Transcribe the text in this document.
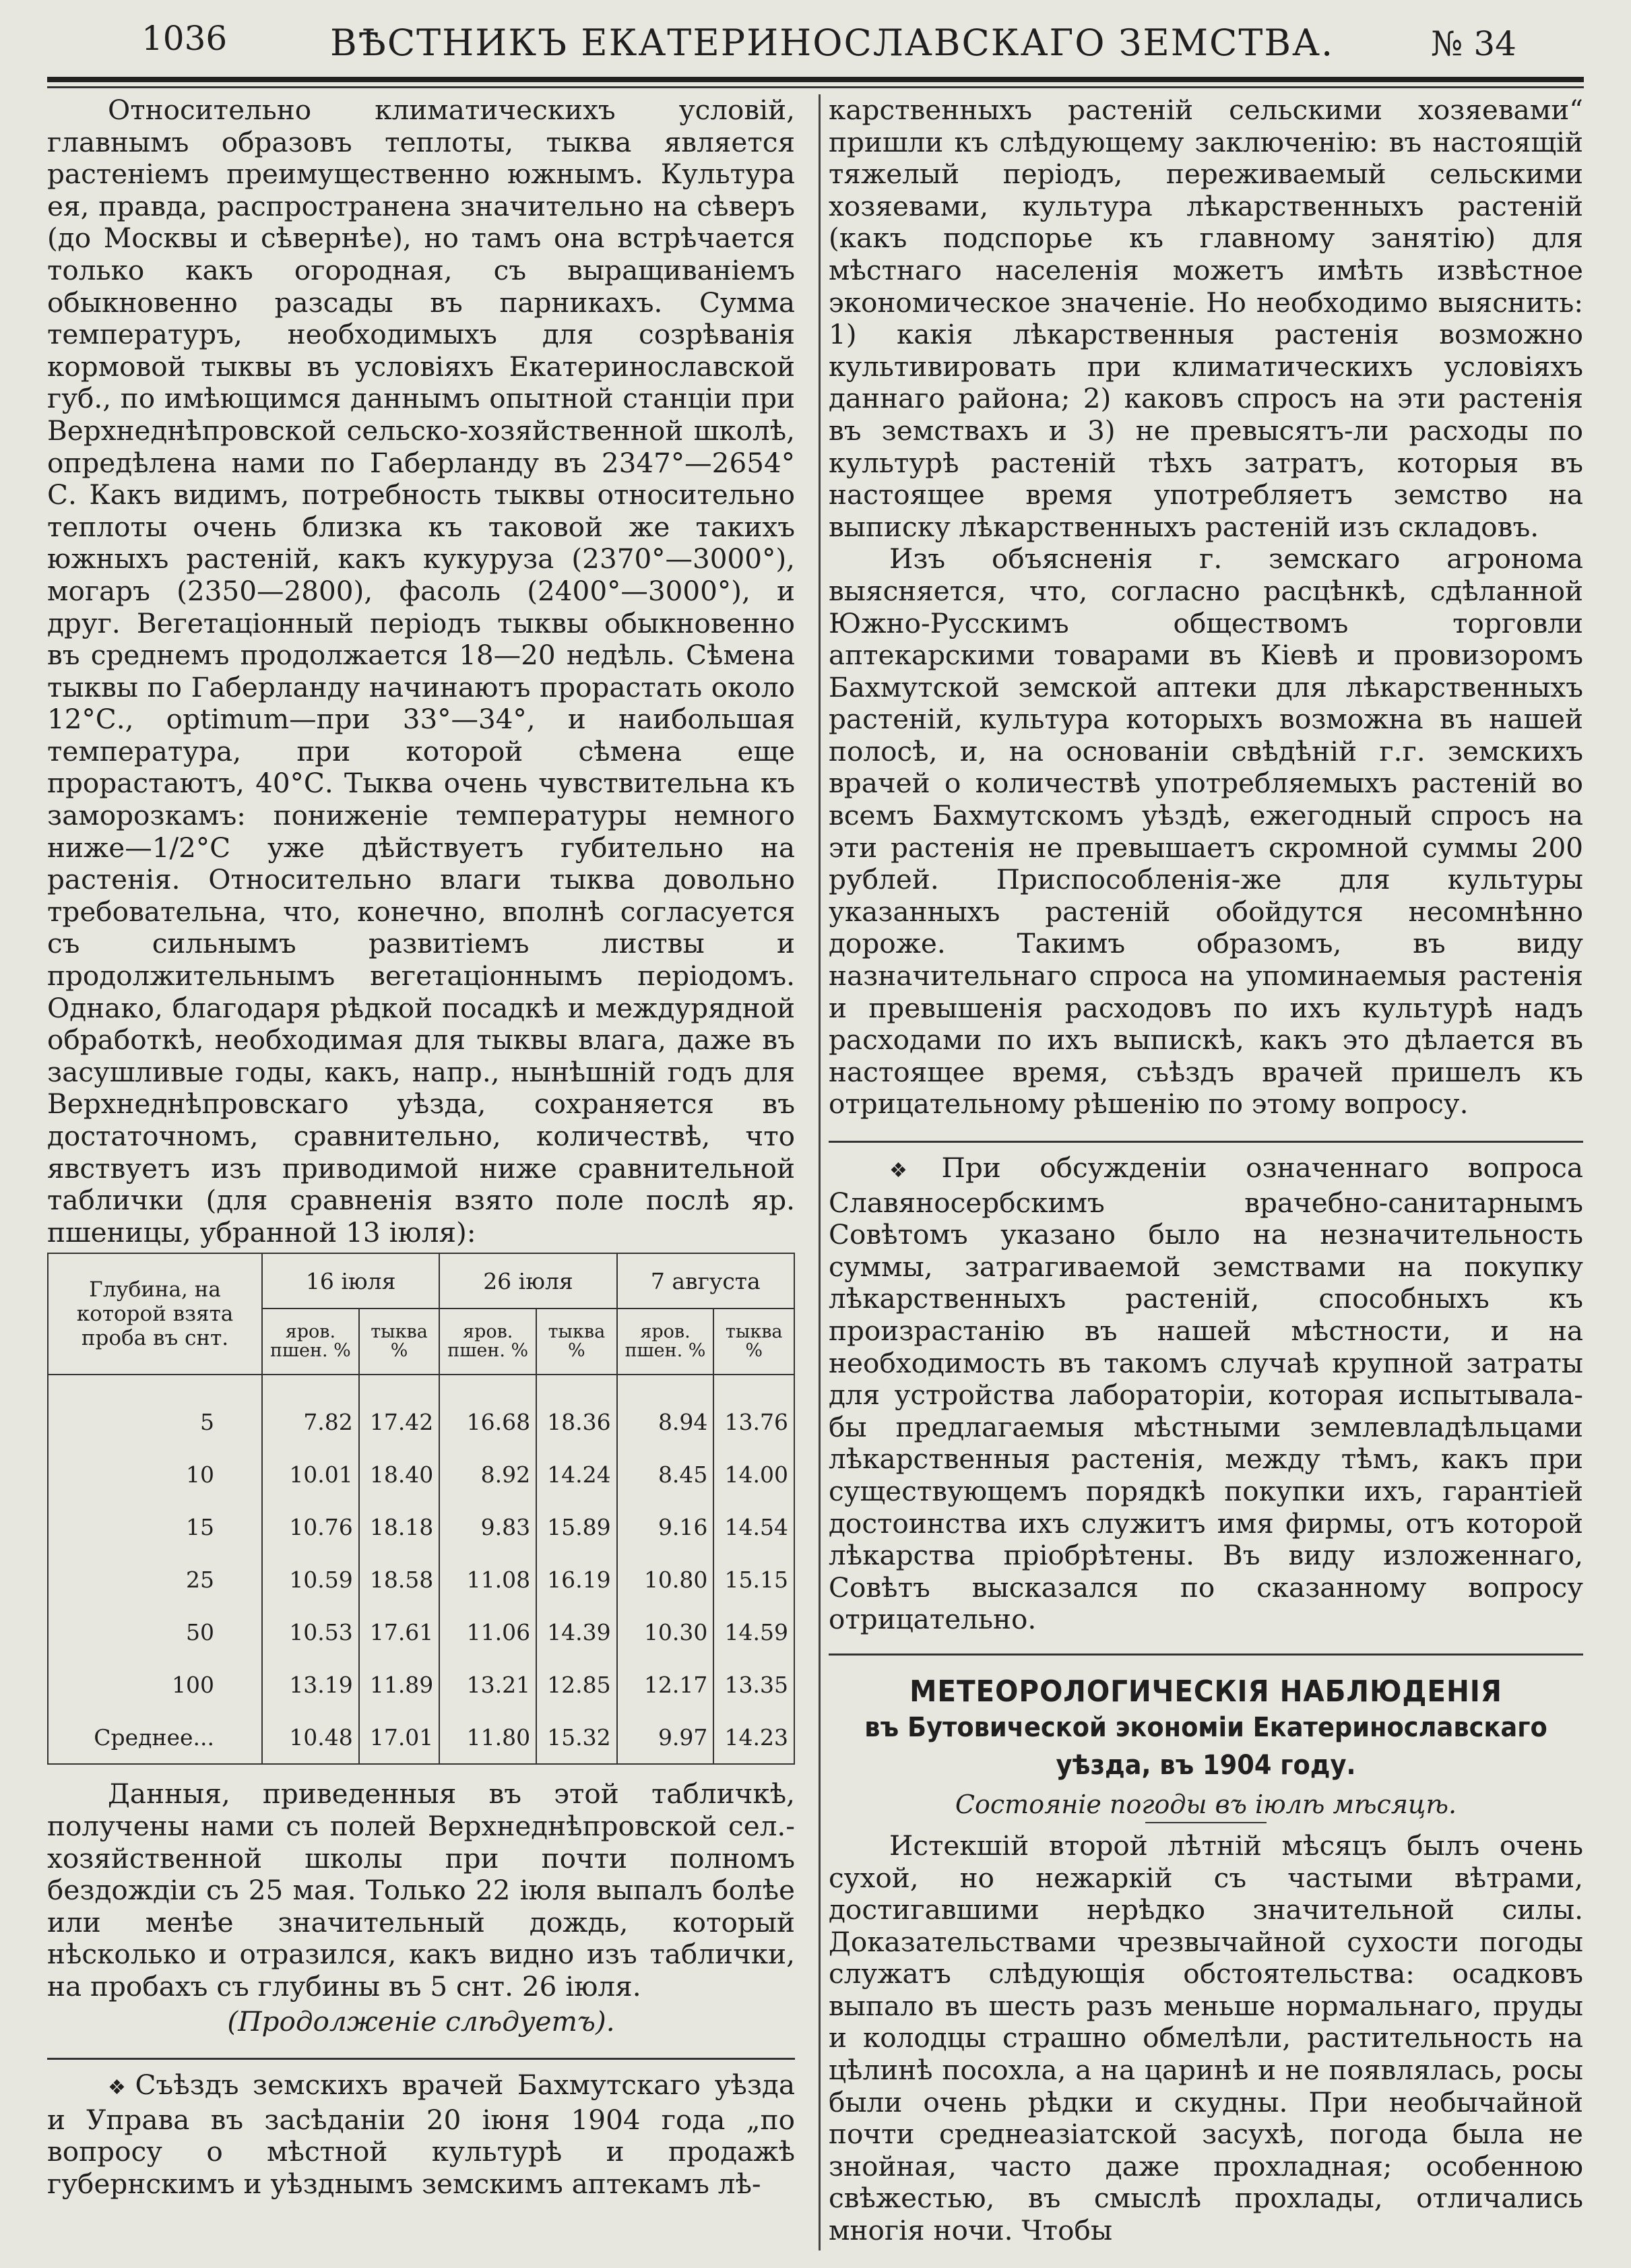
1036	ВѢСТНИКЪ ЕКАТЕРИНОСЛАВСКАГО ЗЕМСТВА.	№ 34

Относительно климатическихъ условій, главнымъ образовъ теплоты, тыква является растеніемъ преимущественно южнымъ. Культура ея, правда, распространена значительно на сѣверъ (до Москвы и сѣвернѣе), но тамъ она встрѣчается только какъ огородная, съ выращиваніемъ обыкновенно разсады въ парникахъ. Сумма температуръ, необходимыхъ для созрѣванія кормовой тыквы въ условіяхъ Екатеринославской губ., по имѣющимся даннымъ опытной станціи при Верхнеднѣпровской сельско-хозяйственной школѣ, опредѣлена нами по Габерланду въ 2347°—2654° С. Какъ видимъ, потребность тыквы относительно теплоты очень близка къ таковой же такихъ южныхъ растеній, какъ кукуруза (2370°—3000°), могаръ (2350—2800), фасоль (2400°—3000°), и друг. Вегетаціонный періодъ тыквы обыкновенно въ среднемъ продолжается 18—20 недѣль. Сѣмена тыквы по Габерланду начинаютъ прорастать около 12°С., optimum—при 33°—34°, и наибольшая температура, при которой сѣмена еще прорастаютъ, 40°С. Тыква очень чувствительна къ заморозкамъ: пониженіе температуры немного ниже—1/2°С уже дѣйствуетъ губительно на растенія. Относительно влаги тыква довольно требовательна, что, конечно, вполнѣ согласуется съ сильнымъ развитіемъ листвы и продолжительнымъ вегетаціоннымъ періодомъ. Однако, благодаря рѣдкой посадкѣ и междурядной обработкѣ, необходимая для тыквы влага, даже въ засушливые годы, какъ, напр., нынѣшній годъ для Верхнеднѣпровскаго уѣзда, сохраняется въ достаточномъ, сравнительно, количествѣ, что явствуетъ изъ приводимой ниже сравнительной таблички (для сравненія взято поле послѣ яр. пшеницы, убранной 13 іюля):

Глубина, на которой взята проба въ снт.	16 іюля		26 іюля		7 августа	
	яров. пшен. %	тыква %	яров. пшен. %	тыква %	яров. пшен. %	тыква %
5	7.82	17.42	16.68	18.36	8.94	13.76
10	10.01	18.40	8.92	14.24	8.45	14.00
15	10.76	18.18	9.83	15.89	9.16	14.54
25	10.59	18.58	11.08	16.19	10.80	15.15
50	10.53	17.61	11.06	14.39	10.30	14.59
100	13.19	11.89	13.21	12.85	12.17	13.35
Среднее...	10.48	17.01	11.80	15.32	9.97	14.23

Данныя, приведенныя въ этой табличкѣ, получены нами съ полей Верхнеднѣпровской сел.-хозяйственной школы при почти полномъ бездождіи съ 25 мая. Только 22 іюля выпалъ болѣе или менѣе значительный дождь, который нѣсколько и отразился, какъ видно изъ таблички, на пробахъ съ глубины въ 5 снт. 26 іюля.

(Продолженіе слѣдуетъ).

❖ Съѣздъ земскихъ врачей Бахмутскаго уѣзда и Управа въ засѣданіи 20 іюня 1904 года „по вопросу о мѣстной культурѣ и продажѣ губернскимъ и уѣзднымъ земскимъ аптекамъ лѣ-

карственныхъ растеній сельскими хозяевами“ пришли къ слѣдующему заключенію: въ настоящій тяжелый періодъ, переживаемый сельскими хозяевами, культура лѣкарственныхъ растеній (какъ подспорье къ главному занятію) для мѣстнаго населенія можетъ имѣть извѣстное экономическое значеніе. Но необходимо выяснить: 1) какія лѣкарственныя растенія возможно культивировать при климатическихъ условіяхъ даннаго района; 2) каковъ спросъ на эти растенія въ земствахъ и 3) не превысятъ-ли расходы по культурѣ растеній тѣхъ затратъ, которыя въ настоящее время употребляетъ земство на выписку лѣкарственныхъ растеній изъ складовъ.

Изъ объясненія г. земскаго агронома выясняется, что, согласно расцѣнкѣ, сдѣланной Южно-Русскимъ обществомъ торговли аптекарскими товарами въ Кіевѣ и провизоромъ Бахмутской земской аптеки для лѣкарственныхъ растеній, культура которыхъ возможна въ нашей полосѣ, и, на основаніи свѣдѣній г.г. земскихъ врачей о количествѣ употребляемыхъ растеній во всемъ Бахмутскомъ уѣздѣ, ежегодный спросъ на эти растенія не превышаетъ скромной суммы 200 рублей. Приспособленія-же для культуры указанныхъ растеній обойдутся несомнѣнно дороже. Такимъ образомъ, въ виду назначительнаго спроса на упоминаемыя растенія и превышенія расходовъ по ихъ культурѣ надъ расходами по ихъ выпискѣ, какъ это дѣлается въ настоящее время, съѣздъ врачей пришелъ къ отрицательному рѣшенію по этому вопросу.

❖ При обсужденіи означеннаго вопроса Славяносербскимъ врачебно-санитарнымъ Совѣтомъ указано было на незначительность суммы, затрагиваемой земствами на покупку лѣкарственныхъ растеній, способныхъ къ произрастанію въ нашей мѣстности, и на необходимость въ такомъ случаѣ крупной затраты для устройства лабораторіи, которая испытывала-бы предлагаемыя мѣстными землевладѣльцами лѣкарственныя растенія, между тѣмъ, какъ при существующемъ порядкѣ покупки ихъ, гарантіей достоинства ихъ служитъ имя фирмы, отъ которой лѣкарства пріобрѣтены. Въ виду изложеннаго, Совѣтъ высказался по сказанному вопросу отрицательно.

МЕТЕОРОЛОГИЧЕСКІЯ НАБЛЮДЕНІЯ
въ Бутовической экономіи Екатеринославскаго уѣзда, въ 1904 году.
Состояніе погоды въ іюлѣ мѣсяцѣ.

Истекшій второй лѣтній мѣсяцъ былъ очень сухой, но нежаркій съ частыми вѣтрами, достигавшими нерѣдко значительной силы. Доказательствами чрезвычайной сухости погоды служатъ слѣдующія обстоятельства: осадковъ выпало въ шесть разъ меньше нормальнаго, пруды и колодцы страшно обмелѣли, растительность на цѣлинѣ посохла, а на царинѣ и не появлялась, росы были очень рѣдки и скудны. При необычайной почти среднеазіатской засухѣ, погода была не знойная, часто даже прохладная; особенною свѣжестью, въ смыслѣ прохлады, отличались многія ночи. Чтобы
